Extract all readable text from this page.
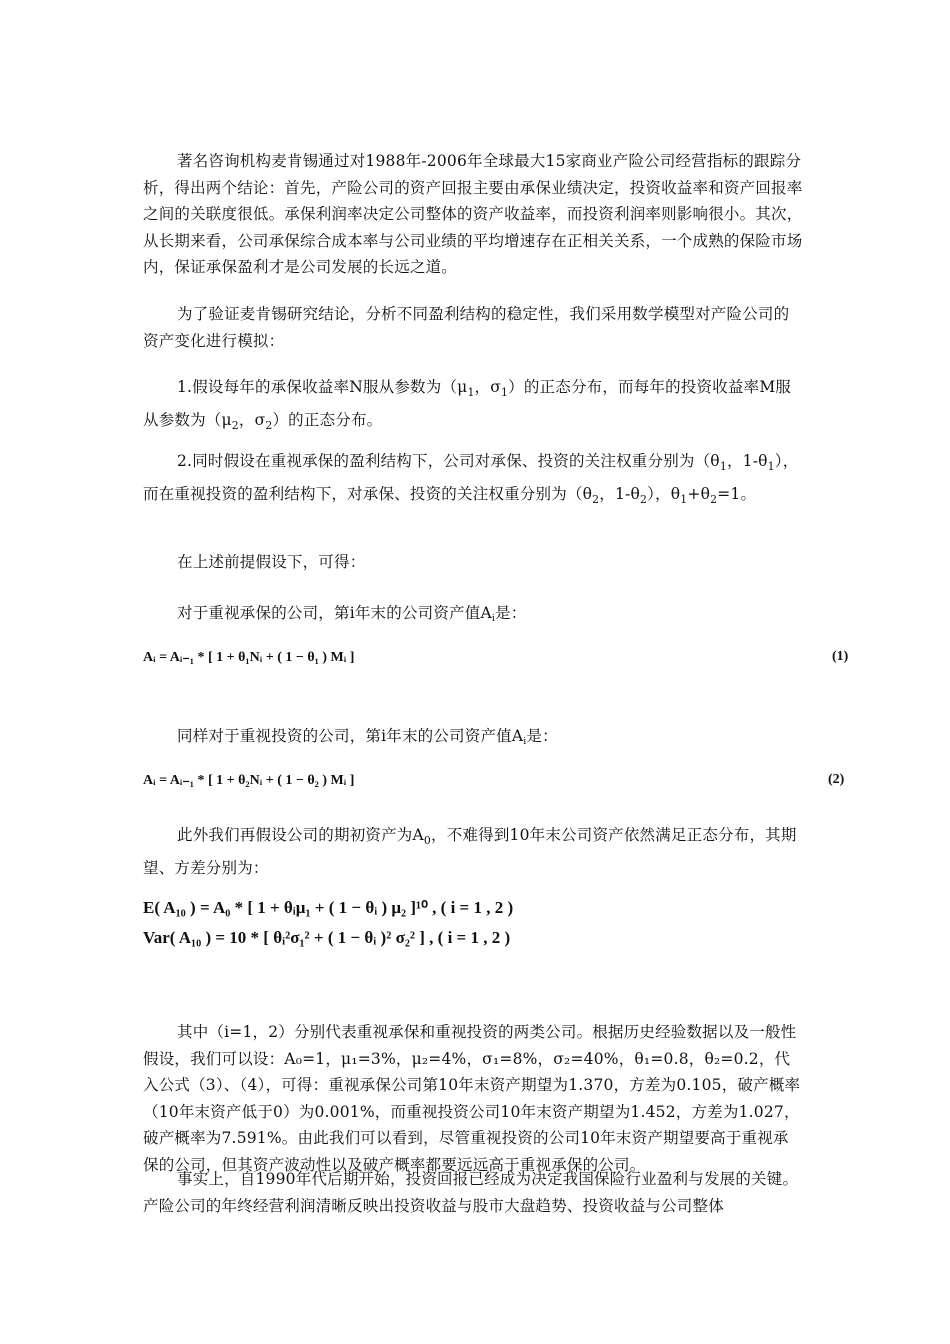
著名咨询机构麦肯锡通过对1988年-2006年全球最大15家商业产险公司经营指标的跟踪分析，得出两个结论：首先，产险公司的资产回报主要由承保业绩决定，投资收益率和资产回报率之间的关联度很低。承保利润率决定公司整体的资产收益率，而投资利润率则影响很小。其次，从长期来看，公司承保综合成本率与公司业绩的平均增速存在正相关关系，一个成熟的保险市场内，保证承保盈利才是公司发展的长远之道。

为了验证麦肯锡研究结论，分析不同盈利结构的稳定性，我们采用数学模型对产险公司的资产变化进行模拟：

1.假设每年的承保收益率N服从参数为（$\mu_1$，$\sigma_1$）的正态分布，而每年的投资收益率M服从参数为（$\mu_2$，$\sigma_2$）的正态分布。

2.同时假设在重视承保的盈利结构下，公司对承保、投资的关注权重分别为（$\theta_1$，$1-\theta_1$），而在重视投资的盈利结构下，对承保、投资的关注权重分别为（$\theta_2$，$1-\theta_2$），$\theta_1+\theta_2=1$。

在上述前提假设下，可得：

对于重视承保的公司，第i年末的公司资产值Ai是：

Aᵢ = Aᵢ₋₁ * [ 1 + θ₁Nᵢ + ( 1 − θ₁ ) Mᵢ ]	(1)

同样对于重视投资的公司，第i年末的公司资产值Ai是：

Aᵢ = Aᵢ₋₁ * [ 1 + θ₂Nᵢ + ( 1 − θ₂ ) Mᵢ ]	(2)

此外我们再假设公司的期初资产为$A_0$，不难得到10年末公司资产依然满足正态分布，其期望、方差分别为：

E( A₁₀ ) = A₀ * [ 1 + θᵢμ₁ + ( 1 − θᵢ ) μ₂ ]¹⁰ , ( i = 1 , 2 )

Var( A₁₀ ) = 10 * [ θᵢ²σ₁² + ( 1 − θᵢ )² σ₂² ] , ( i = 1 , 2 )

其中（i=1，2）分别代表重视承保和重视投资的两类公司。根据历史经验数据以及一般性假设，我们可以设：A₀=1，μ₁=3%，μ₂=4%，σ₁=8%，σ₂=40%，θ₁=0.8，θ₂=0.2，代入公式（3）、（4），可得：重视承保公司第10年末资产期望为1.370，方差为0.105，破产概率（10年末资产低于0）为0.001%，而重视投资公司10年末资产期望为1.452，方差为1.027，破产概率为7.591%。由此我们可以看到，尽管重视投资的公司10年末资产期望要高于重视承保的公司，但其资产波动性以及破产概率都要远远高于重视承保的公司。

事实上，自1990年代后期开始，投资回报已经成为决定我国保险行业盈利与发展的关键。产险公司的年终经营利润清晰反映出投资收益与股市大盘趋势、投资收益与公司整体
